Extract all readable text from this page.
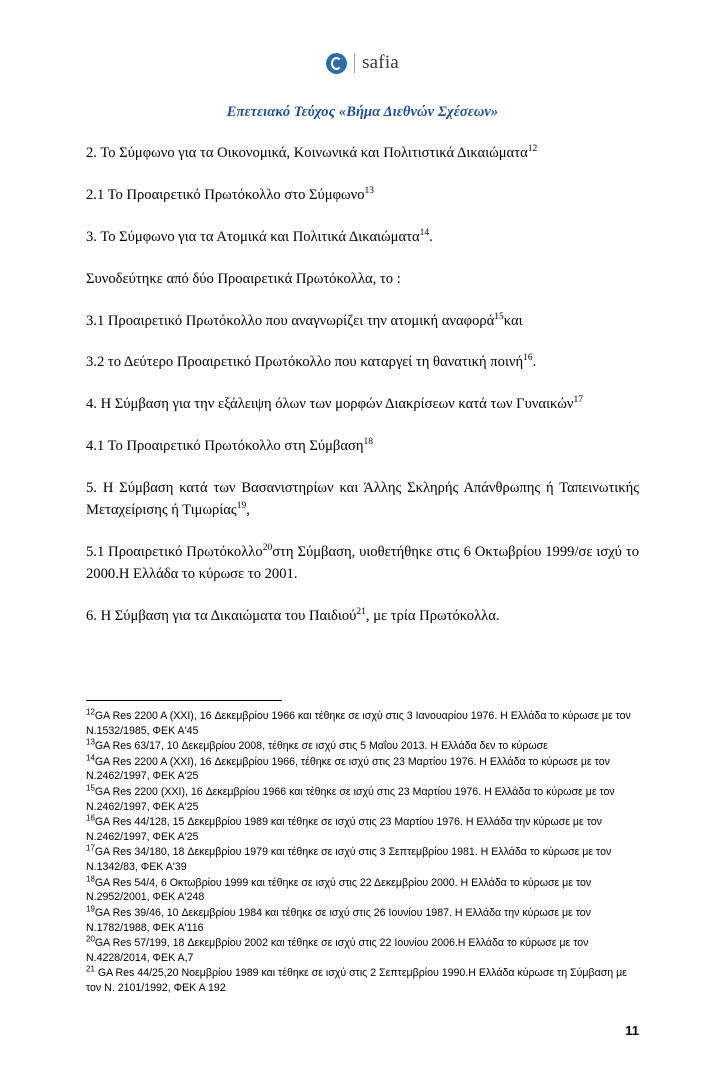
safia
Επετειακό Τεύχος «Βήμα Διεθνών Σχέσεων»

2. Το Σύμφωνο για τα Οικονομικά, Κοινωνικά και Πολιτιστικά Δικαιώματα$^{12}$

2.1 Το Προαιρετικό Πρωτόκολλο στο Σύμφωνο$^{13}$

3. Το Σύμφωνο για τα Ατομικά και Πολιτικά Δικαιώματα$^{14}$.

Συνοδεύτηκε από δύο Προαιρετικά Πρωτόκολλα, το :

3.1 Προαιρετικό Πρωτόκολλο που αναγνωρίζει την ατομική αναφορά$^{15}$και

3.2 το Δεύτερο Προαιρετικό Πρωτόκολλο που καταργεί τη θανατική ποινή$^{16}$.

4. Η Σύμβαση για την εξάλειψη όλων των μορφών Διακρίσεων κατά των Γυναικών$^{17}$

4.1 Το Προαιρετικό Πρωτόκολλο στη Σύμβαση$^{18}$

5. Η Σύμβαση κατά των Βασανιστηρίων και Άλλης Σκληρής Απάνθρωπης ή Ταπεινωτικής Μεταχείρισης ή Τιμωρίας$^{19}$,

5.1 Προαιρετικό Πρωτόκολλο$^{20}$στη Σύμβαση, υιοθετήθηκε στις 6 Οκτωβρίου 1999/σε ισχύ το 2000.Η Ελλάδα το κύρωσε το 2001.

6. Η Σύμβαση για τα Δικαιώματα του Παιδιού$^{21}$, με τρία Πρωτόκολλα.

$^{12}$GA Res 2200 A (XXI), 16 Δεκεμβρίου 1966 και τέθηκε σε ισχύ στις 3 Ιανουαρίου 1976. Η Ελλάδα το κύρωσε με τον Ν.1532/1985, ΦΕΚ Α'45

$^{13}$GA Res 63/17, 10 Δεκεμβρίου 2008, τέθηκε σε ισχύ στις 5 Μαΐου 2013. Η Ελλάδα δεν το κύρωσε

$^{14}$GA Res 2200 A (XXI), 16 Δεκεμβρίου 1966, τέθηκε σε ισχύ στις 23 Μαρτίου 1976. Η Ελλάδα το κύρωσε με τον Ν.2462/1997, ΦΕΚ Α'25

$^{15}$GA Res 2200 (XXI), 16 Δεκεμβρίου 1966 και τέθηκε σε ισχύ στις 23 Μαρτίου 1976. Η Ελλάδα το κύρωσε με τον Ν.2462/1997, ΦΕΚ Α'25

$^{16}$GA Res 44/128, 15 Δεκεμβρίου 1989 και τέθηκε σε ισχύ στις 23 Μαρτίου 1976. Η Ελλάδα την κύρωσε με τον Ν.2462/1997, ΦΕΚ Α'25

$^{17}$GA Res 34/180, 18 Δεκεμβρίου 1979 και τέθηκε σε ισχύ στις 3 Σεπτεμβρίου 1981. Η Ελλάδα το κύρωσε με τον Ν.1342/83, ΦΕΚ Α'39

$^{18}$GA Res 54/4, 6 Οκτωβρίου 1999 και τέθηκε σε ισχύ στις 22 Δεκεμβρίου 2000. Η Ελλάδα το κύρωσε με τον Ν.2952/2001, ΦΕΚ Α'248

$^{19}$GA Res 39/46, 10 Δεκεμβρίου 1984 και τέθηκε σε ισχύ στις 26 Ιουνίου 1987. Η Ελλάδα την κύρωσε με τον Ν.1782/1988, ΦΕΚ Α'116

$^{20}$GA Res 57/199, 18 Δεκεμβρίου 2002 και τέθηκε σε ισχύ στις 22 Ιουνίου 2006.Η Ελλάδα το κύρωσε με τον Ν.4228/2014, ΦΕΚ Α,7

$^{21}$ GA Res 44/25,20 Νοεμβρίου 1989 και τέθηκε σε ισχύ στις 2 Σεπτεμβρίου 1990.Η Ελλάδα κύρωσε τη Σύμβαση με τον Ν. 2101/1992, ΦΕΚ Α 192

11
